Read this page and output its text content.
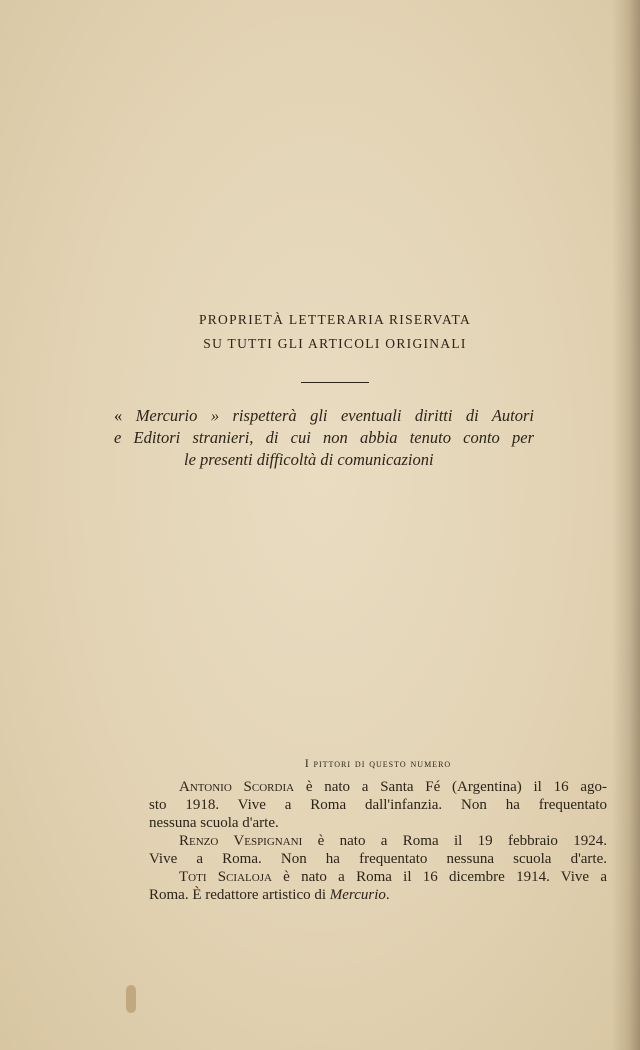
PROPRIETÀ LETTERARIA RISERVATA
SU TUTTI GLI ARTICOLI ORIGINALI
« Mercurio » rispetterà gli eventuali diritti di Autori
e Editori stranieri, di cui non abbia tenuto conto per
le presenti difficoltà di comunicazioni
I pittori di questo numero
Antonio Scordia è nato a Santa Fé (Argentina) il 16 ago-
sto 1918. Vive a Roma dall'infanzia. Non ha frequentato
nessuna scuola d'arte.
Renzo Vespignani è nato a Roma il 19 febbraio 1924.
Vive a Roma. Non ha frequentato nessuna scuola d'arte.
Toti Scialoja è nato a Roma il 16 dicembre 1914. Vive a
Roma. È redattore artistico di Mercurio.
